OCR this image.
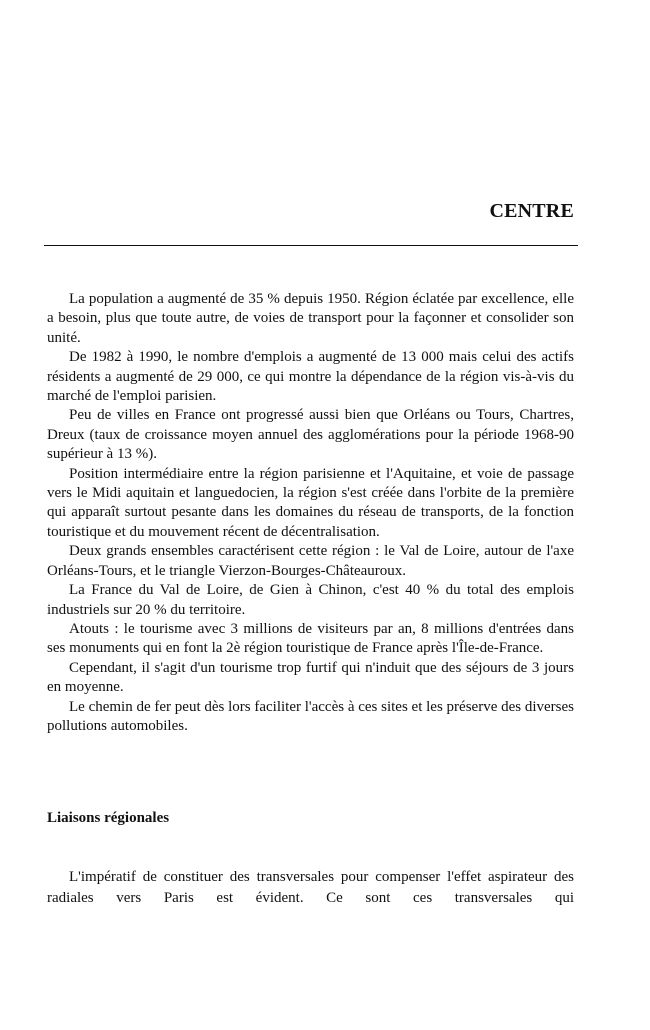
CENTRE

La population a augmenté de 35 % depuis 1950. Région éclatée par excellence, elle a besoin, plus que toute autre, de voies de transport pour la façonner et consolider son unité.

De 1982 à 1990, le nombre d'emplois a augmenté de 13 000 mais celui des actifs résidents a augmenté de 29 000, ce qui montre la dépendance de la région vis-à-vis du marché de l'emploi parisien.

Peu de villes en France ont progressé aussi bien que Orléans ou Tours, Chartres, Dreux (taux de croissance moyen annuel des agglomérations pour la période 1968-90 supérieur à 13 %).

Position intermédiaire entre la région parisienne et l'Aquitaine, et voie de passage vers le Midi aquitain et languedocien, la région s'est créée dans l'orbite de la première qui apparaît surtout pesante dans les domaines du réseau de transports, de la fonction touristique et du mouvement récent de décentralisation.

Deux grands ensembles caractérisent cette région : le Val de Loire, autour de l'axe Orléans-Tours, et le triangle Vierzon-Bourges-Châteauroux.

La France du Val de Loire, de Gien à Chinon, c'est 40 % du total des emplois industriels sur 20 % du territoire.

Atouts : le tourisme avec 3 millions de visiteurs par an, 8 millions d'entrées dans ses monuments qui en font la 2è région touristique de France après l'Île-de-France.

Cependant, il s'agit d'un tourisme trop furtif qui n'induit que des séjours de 3 jours en moyenne.

Le chemin de fer peut dès lors faciliter l'accès à ces sites et les préserve des diverses pollutions automobiles.

Liaisons régionales

L'impératif de constituer des transversales pour compenser l'effet aspirateur des radiales vers Paris est évident. Ce sont ces transversales qui
